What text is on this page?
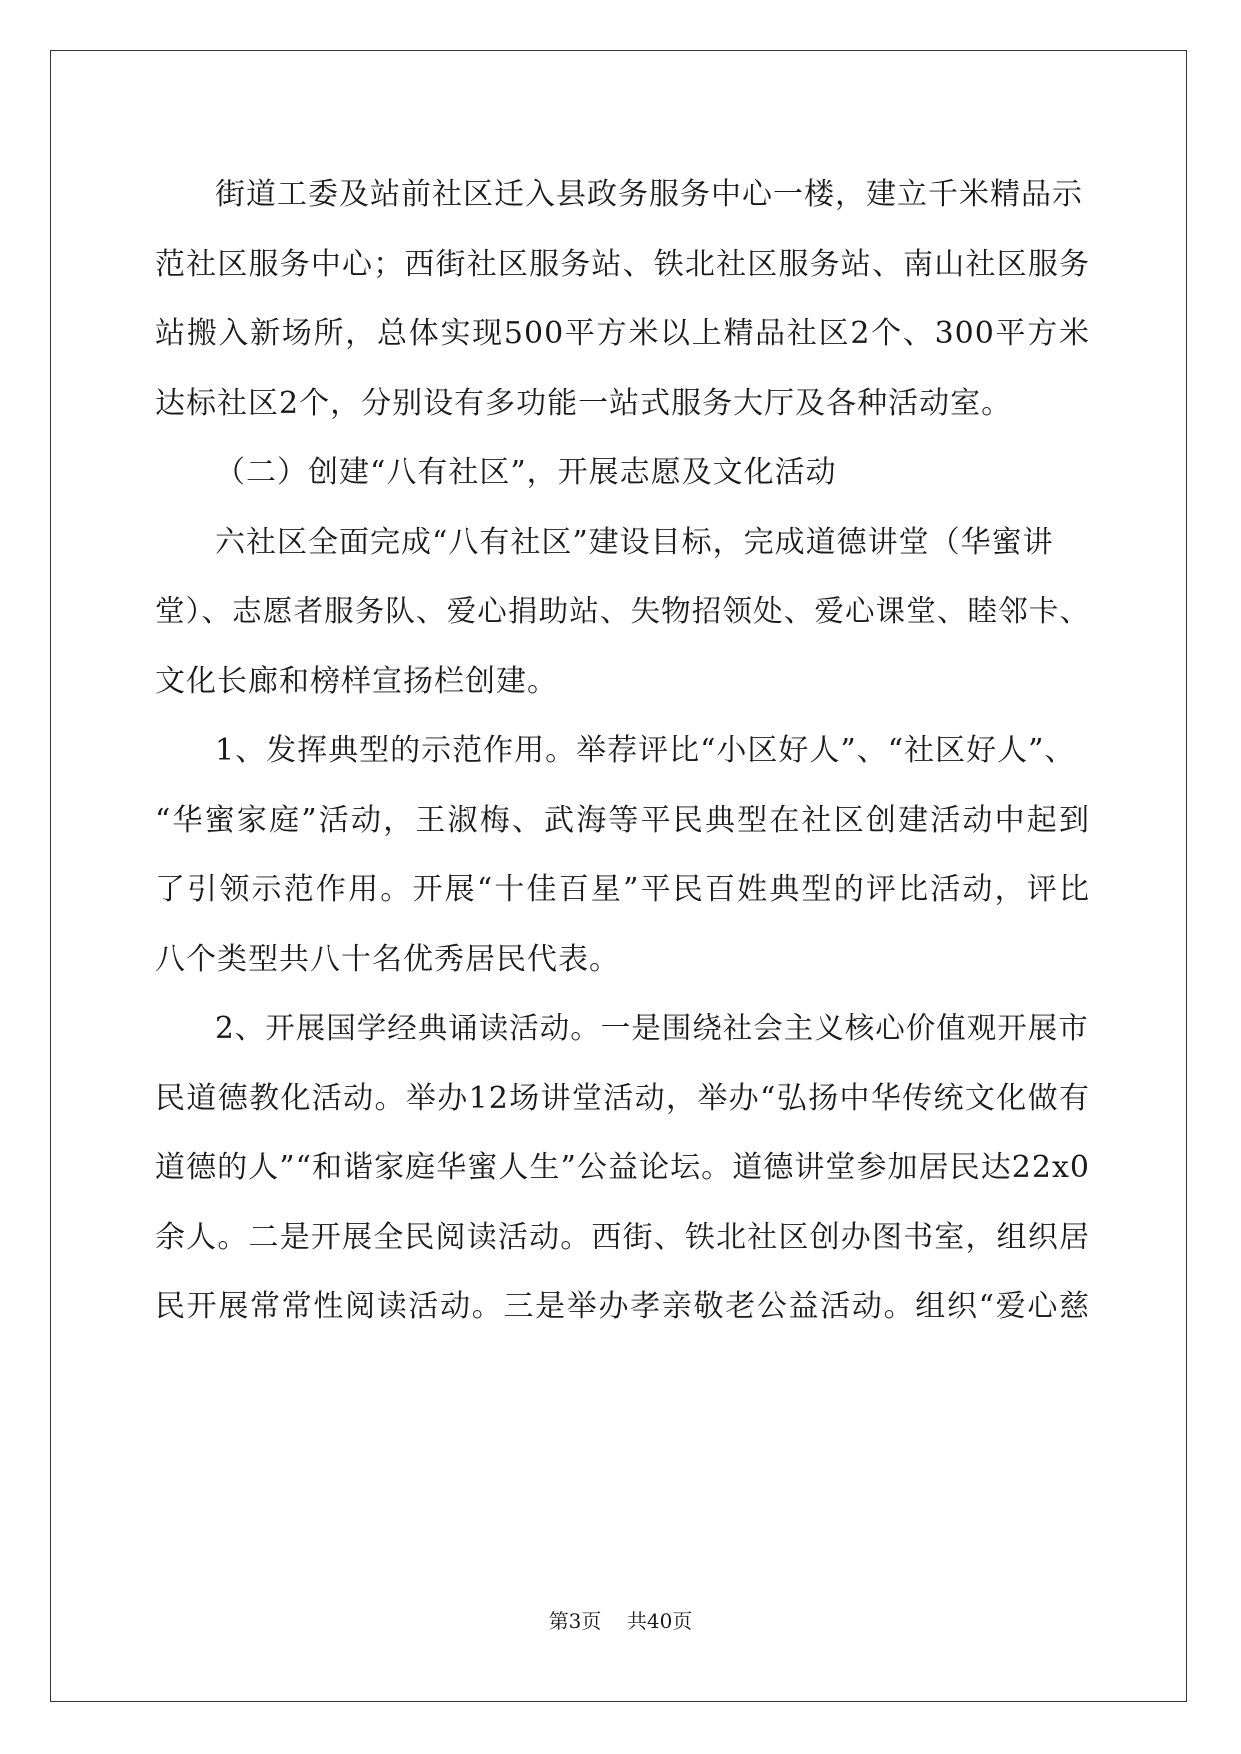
街道工委及站前社区迁入县政务服务中心一楼，建立千米精品示

范社区服务中心；西街社区服务站、铁北社区服务站、南山社区服务

站搬入新场所，总体实现500平方米以上精品社区2个、300平方米

达标社区2个，分别设有多功能一站式服务大厅及各种活动室。

（二）创建“八有社区”，开展志愿及文化活动

六社区全面完成“八有社区”建设目标，完成道德讲堂（华蜜讲

堂）、志愿者服务队、爱心捐助站、失物招领处、爱心课堂、睦邻卡、

文化长廊和榜样宣扬栏创建。

1、发挥典型的示范作用。举荐评比“小区好人”、“社区好人”、

“华蜜家庭”活动，王淑梅、武海等平民典型在社区创建活动中起到

了引领示范作用。开展“十佳百星”平民百姓典型的评比活动，评比

八个类型共八十名优秀居民代表。

2、开展国学经典诵读活动。一是围绕社会主义核心价值观开展市

民道德教化活动。举办12场讲堂活动，举办“弘扬中华传统文化做有

道德的人”“和谐家庭华蜜人生”公益论坛。道德讲堂参加居民达22x0

余人。二是开展全民阅读活动。西街、铁北社区创办图书室，组织居

民开展常常性阅读活动。三是举办孝亲敬老公益活动。组织“爱心慈

第3页 共40页
